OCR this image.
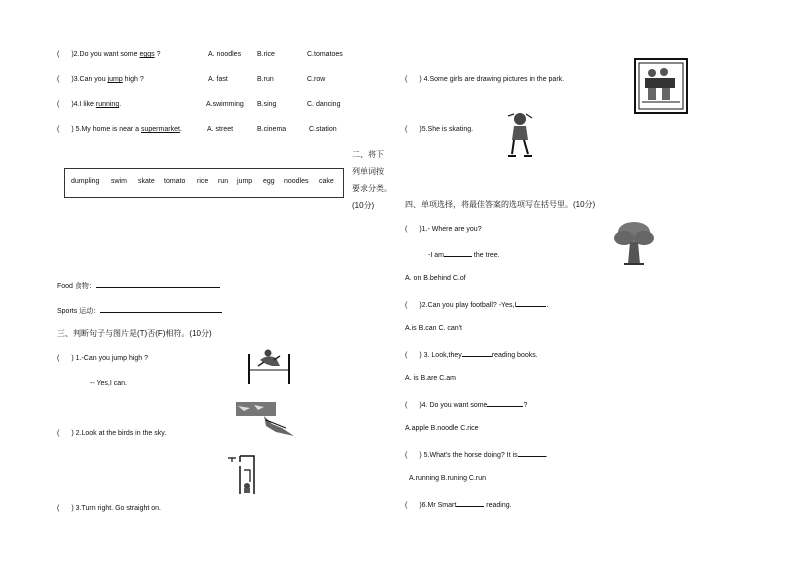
( )2.Do you want some eggs ?	A. noodles B.rice	C.tomatoes
( )3.Can you jump high ?	A. fast	B.run	C.row
( )4.I like running.	A.swimming B.sing	C. dancing
( ) 5.My home is near a supermarket.	A. street	B.cinema	C.station
dumpling swim skate tomato rice run jump egg noodles cake
二、将下
列单词按
要求分类。
(10分)
Food 食物：
Sports 运动：
三、判断句子与图片是(T)否(F)相符。(10分)
( ) 1.-Can you jump high ?
-- Yes,I can.
( ) 2.Look at the birds in the sky.
( ) 3.Turn right. Go straight on.
( ) 4.Some girls are drawing pictures in the park.
( )5.She is skating.
四、单项选择，将最佳答案的选项写在括号里。(10分)
( )1.- Where are you?
-I am	the tree.
A. on B.behind C.of
( )2.Can you play football? -Yes,I	.
A.is B.can C. can't
( ) 3. Look,they	reading books.
A. is B.are C.am
( )4. Do you want some	?
A.apple B.noodle C.rice
( ) 5.What's the horse doing? It is	.
A.running B.runing C.run
( )6.Mr Smart	reading.
